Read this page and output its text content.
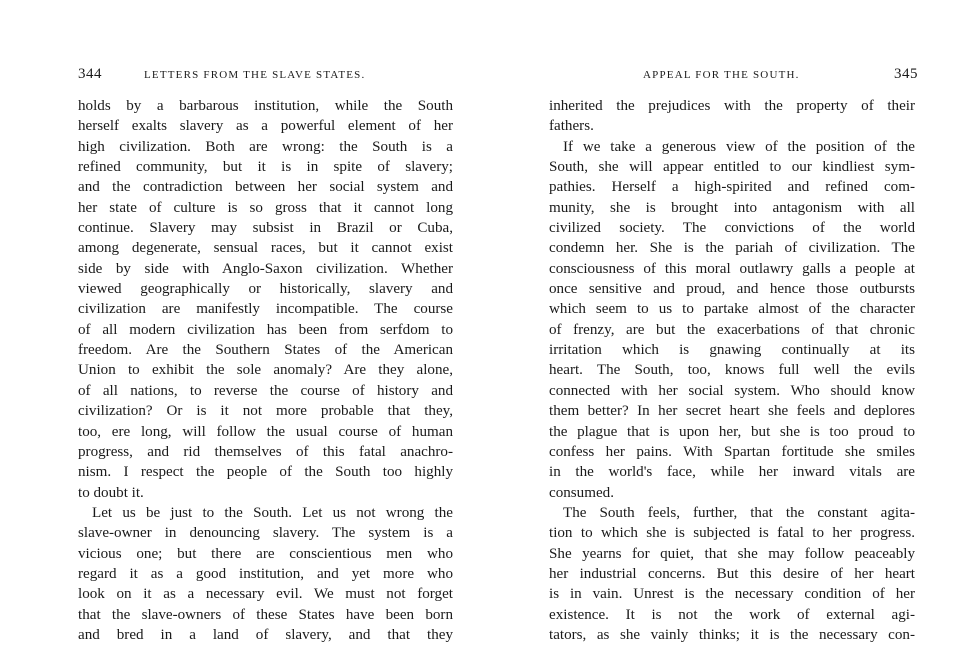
344	LETTERS FROM THE SLAVE STATES.
holds by a barbarous institution, while the South
herself exalts slavery as a powerful element of her
high civilization. Both are wrong: the South is a
refined community, but it is in spite of slavery;
and the contradiction between her social system and
her state of culture is so gross that it cannot long
continue. Slavery may subsist in Brazil or Cuba,
among degenerate, sensual races, but it cannot exist
side by side with Anglo-Saxon civilization. Whether
viewed geographically or historically, slavery and
civilization are manifestly incompatible. The course
of all modern civilization has been from serfdom to
freedom. Are the Southern States of the American
Union to exhibit the sole anomaly? Are they alone,
of all nations, to reverse the course of history and
civilization? Or is it not more probable that they,
too, ere long, will follow the usual course of human
progress, and rid themselves of this fatal anachro-
nism. I respect the people of the South too highly
to doubt it.
Let us be just to the South. Let us not wrong the
slave-owner in denouncing slavery. The system is a
vicious one; but there are conscientious men who
regard it as a good institution, and yet more who
look on it as a necessary evil. We must not forget
that the slave-owners of these States have been born
and bred in a land of slavery, and that they
APPEAL FOR THE SOUTH.	345
inherited the prejudices with the property of their
fathers.
If we take a generous view of the position of the
South, she will appear entitled to our kindliest sym-
pathies. Herself a high-spirited and refined com-
munity, she is brought into antagonism with all
civilized society. The convictions of the world
condemn her. She is the pariah of civilization. The
consciousness of this moral outlawry galls a people at
once sensitive and proud, and hence those outbursts
which seem to us to partake almost of the character
of frenzy, are but the exacerbations of that chronic
irritation which is gnawing continually at its
heart. The South, too, knows full well the evils
connected with her social system. Who should know
them better? In her secret heart she feels and deplores
the plague that is upon her, but she is too proud to
confess her pains. With Spartan fortitude she smiles
in the world's face, while her inward vitals are
consumed.
The South feels, further, that the constant agita-
tion to which she is subjected is fatal to her progress.
She yearns for quiet, that she may follow peaceably
her industrial concerns. But this desire of her heart
is in vain. Unrest is the necessary condition of her
existence. It is not the work of external agi-
tators, as she vainly thinks; it is the necessary con-
